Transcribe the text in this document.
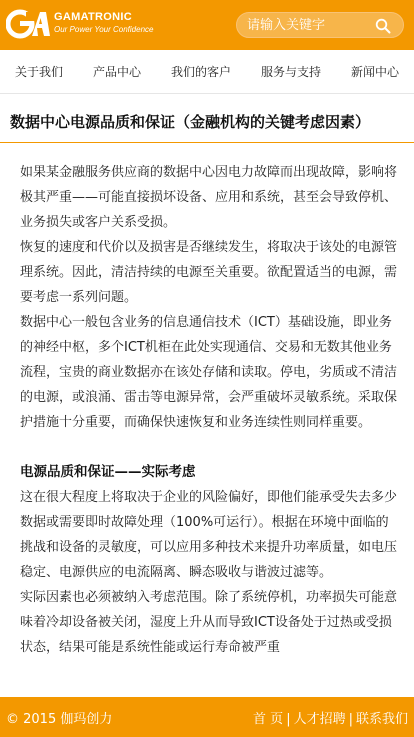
GAMATRONIC
Our Power Your Confidence
请输入关键字
关于我们	产品中心	我们的客户	服务与支持	新闻中心
数据中心电源品质和保证（金融机构的关键考虑因素）

如果某金融服务供应商的数据中心因电力故障而出现故障，影响将极其严重——可能直接损坏设备、应用和系统，甚至会导致停机、业务损失或客户关系受损。

恢复的速度和代价以及损害是否继续发生，将取决于该处的电源管理系统。因此，清洁持续的电源至关重要。欲配置适当的电源，需要考虑一系列问题。

数据中心一般包含业务的信息通信技术（ICT）基础设施，即业务的神经中枢，多个ICT机柜在此处实现通信、交易和无数其他业务流程，宝贵的商业数据亦在该处存储和读取。停电，劣质或不清洁的电源，或浪涌、雷击等电源异常，会严重破坏灵敏系统。采取保护措施十分重要，而确保快速恢复和业务连续性则同样重要。

电源品质和保证——实际考虑

这在很大程度上将取决于企业的风险偏好，即他们能承受失去多少数据或需要即时故障处理（100%可运行）。根据在环境中面临的挑战和设备的灵敏度，可以应用多种技术来提升功率质量，如电压稳定、电源供应的电流隔离、瞬态吸收与谐波过滤等。

实际因素也必须被纳入考虑范围。除了系统停机，功率损失可能意味着冷却设备被关闭，湿度上升从而导致ICT设备处于过热或受损状态，结果可能是系统性能或运行寿命被严重

© 2015 伽玛创力	首 页 | 人才招聘 | 联系我们
